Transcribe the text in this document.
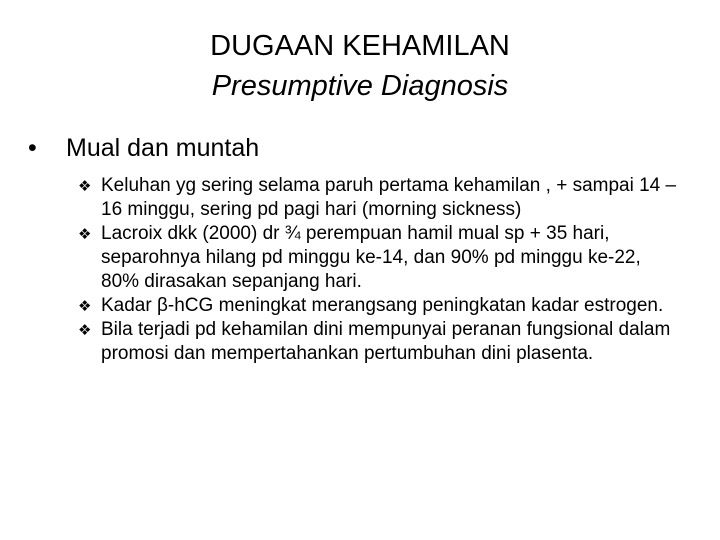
DUGAAN KEHAMILAN
Presumptive Diagnosis
• Mual dan muntah
❖ Keluhan yg sering selama paruh pertama kehamilan , + sampai 14 – 16 minggu, sering pd pagi hari (morning sickness)
❖ Lacroix dkk (2000) dr ¾ perempuan hamil mual sp + 35 hari, separohnya hilang pd minggu ke-14, dan 90% pd minggu ke-22, 80% dirasakan sepanjang hari.
❖ Kadar β-hCG meningkat merangsang peningkatan kadar estrogen.
❖ Bila terjadi pd kehamilan dini mempunyai peranan fungsional dalam promosi dan mempertahankan pertumbuhan dini plasenta.
